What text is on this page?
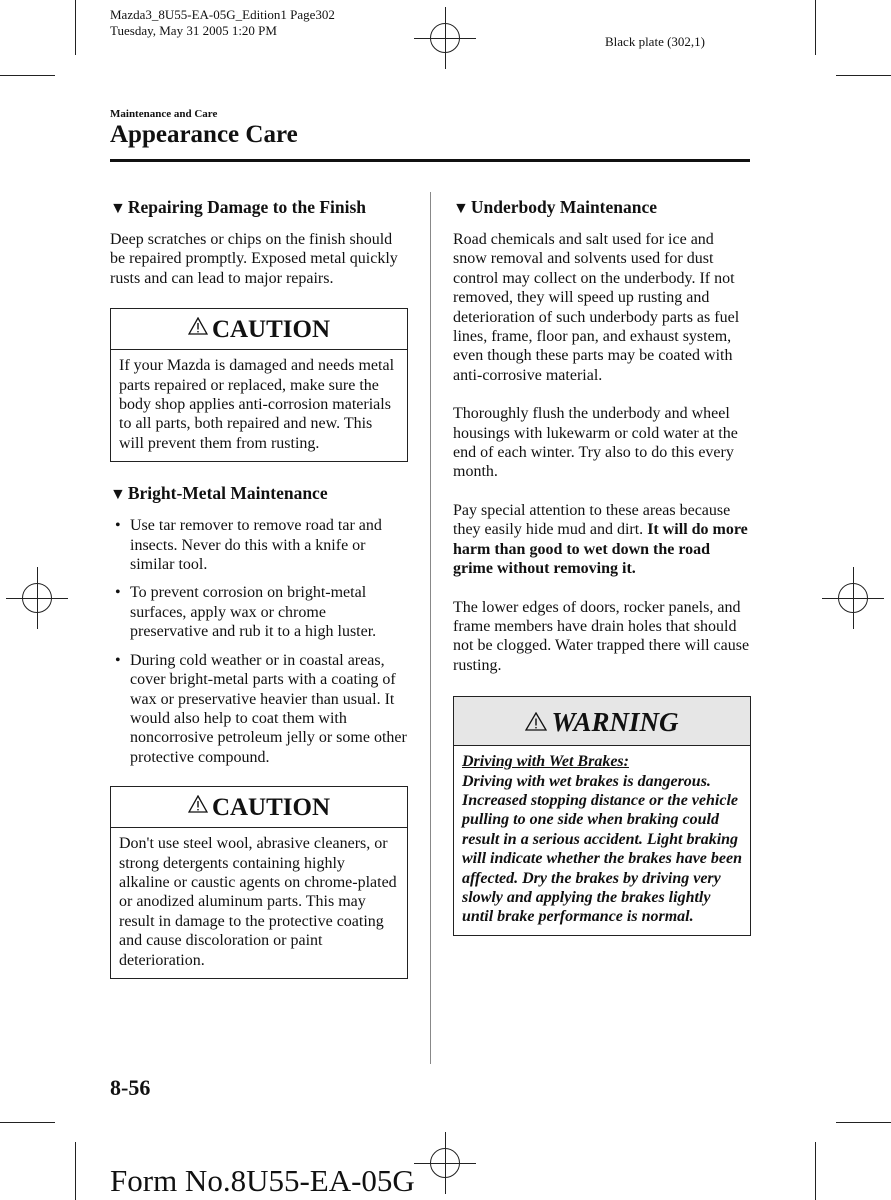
Mazda3_8U55-EA-05G_Edition1 Page302
Tuesday, May 31 2005 1:20 PM
Black plate (302,1)
Maintenance and Care
Appearance Care
▼ Repairing Damage to the Finish

Deep scratches or chips on the finish should be repaired promptly. Exposed metal quickly rusts and can lead to major repairs.

CAUTION
If your Mazda is damaged and needs metal parts repaired or replaced, make sure the body shop applies anti-corrosion materials to all parts, both repaired and new. This will prevent them from rusting.
▼ Bright-Metal Maintenance
• Use tar remover to remove road tar and insects. Never do this with a knife or similar tool.
• To prevent corrosion on bright-metal surfaces, apply wax or chrome preservative and rub it to a high luster.
• During cold weather or in coastal areas, cover bright-metal parts with a coating of wax or preservative heavier than usual. It would also help to coat them with noncorrosive petroleum jelly or some other protective compound.
CAUTION
Don't use steel wool, abrasive cleaners, or strong detergents containing highly alkaline or caustic agents on chrome-plated or anodized aluminum parts. This may result in damage to the protective coating and cause discoloration or paint deterioration.
▼ Underbody Maintenance

Road chemicals and salt used for ice and snow removal and solvents used for dust control may collect on the underbody. If not removed, they will speed up rusting and deterioration of such underbody parts as fuel lines, frame, floor pan, and exhaust system, even though these parts may be coated with anti-corrosive material.

Thoroughly flush the underbody and wheel housings with lukewarm or cold water at the end of each winter. Try also to do this every month.

Pay special attention to these areas because they easily hide mud and dirt. It will do more harm than good to wet down the road grime without removing it.

The lower edges of doors, rocker panels, and frame members have drain holes that should not be clogged. Water trapped there will cause rusting.

WARNING
Driving with Wet Brakes:
Driving with wet brakes is dangerous. Increased stopping distance or the vehicle pulling to one side when braking could result in a serious accident. Light braking will indicate whether the brakes have been affected. Dry the brakes by driving very slowly and applying the brakes lightly until brake performance is normal.
8-56
Form No.8U55-EA-05G
